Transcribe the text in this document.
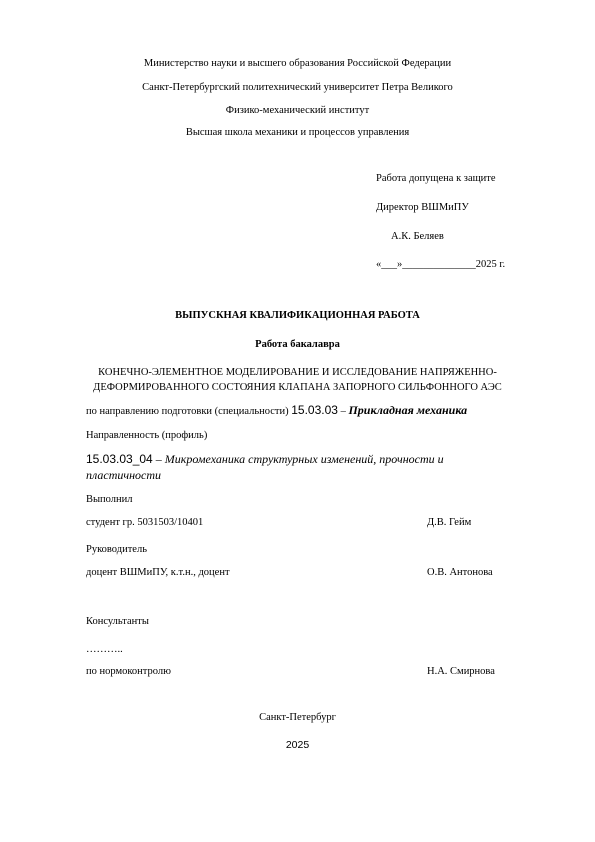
Министерство науки и высшего образования Российской Федерации
Санкт-Петербургский политехнический университет Петра Великого
Физико-механический институт
Высшая школа механики и процессов управления
Работа допущена к защите
Директор ВШМиПУ
А.К. Беляев
«___»______________2025 г.
ВЫПУСКНАЯ КВАЛИФИКАЦИОННАЯ РАБОТА
Работа бакалавра
КОНЕЧНО-ЭЛЕМЕНТНОЕ МОДЕЛИРОВАНИЕ И ИССЛЕДОВАНИЕ НАПРЯЖЕННО-
ДЕФОРМИРОВАННОГО СОСТОЯНИЯ КЛАПАНА ЗАПОРНОГО СИЛЬФОННОГО АЭС
по направлению подготовки (специальности) 15.03.03 – Прикладная механика
Направленность (профиль)
15.03.03_04 – Микромеханика структурных изменений, прочности и
пластичности
Выполнил
студент гр. 5031503/10401	Д.В. Гейм
Руководитель
доцент ВШМиПУ, к.т.н., доцент	О.В. Антонова
Консультанты
………..
по нормоконтролю	Н.А. Смирнова
Санкт-Петербург
2025
